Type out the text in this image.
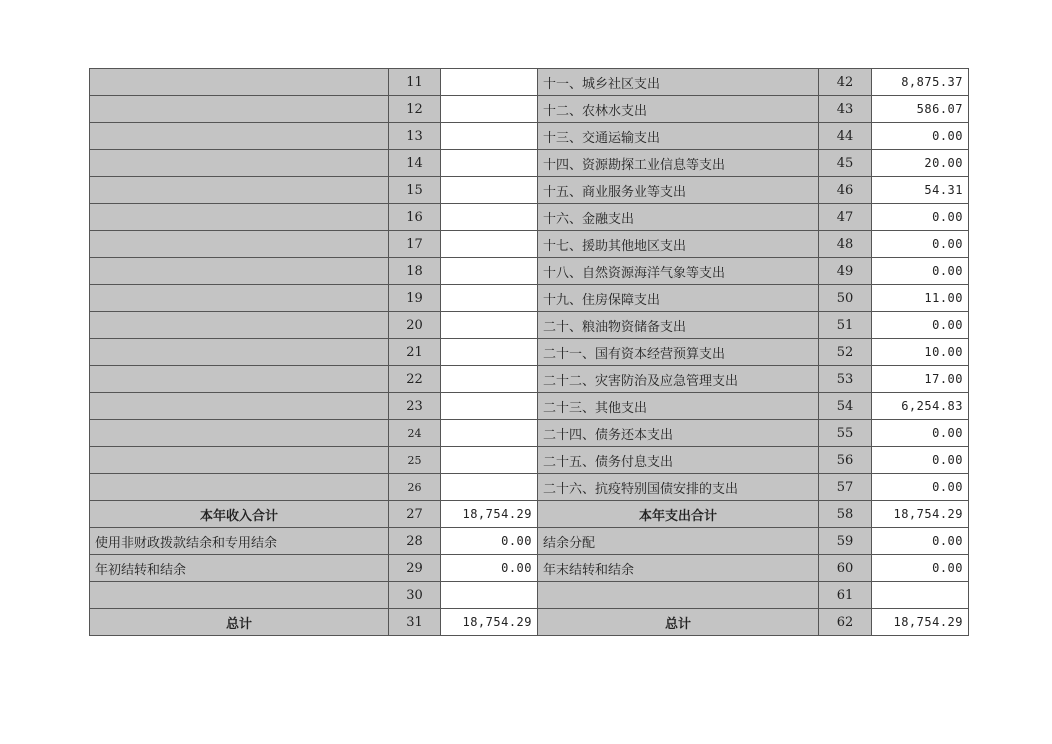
	11		十一、城乡社区支出	42	8,875.37
	12		十二、农林水支出	43	586.07
	13		十三、交通运输支出	44	0.00
	14		十四、资源勘探工业信息等支出	45	20.00
	15		十五、商业服务业等支出	46	54.31
	16		十六、金融支出	47	0.00
	17		十七、援助其他地区支出	48	0.00
	18		十八、自然资源海洋气象等支出	49	0.00
	19		十九、住房保障支出	50	11.00
	20		二十、粮油物资储备支出	51	0.00
	21		二十一、国有资本经营预算支出	52	10.00
	22		二十二、灾害防治及应急管理支出	53	17.00
	23		二十三、其他支出	54	6,254.83
	24		二十四、债务还本支出	55	0.00
	25		二十五、债务付息支出	56	0.00
	26		二十六、抗疫特别国债安排的支出	57	0.00
本年收入合计	27	18,754.29	本年支出合计	58	18,754.29
使用非财政拨款结余和专用结余	28	0.00	结余分配	59	0.00
年初结转和结余	29	0.00	年末结转和结余	60	0.00
	30			61	
总计	31	18,754.29	总计	62	18,754.29
